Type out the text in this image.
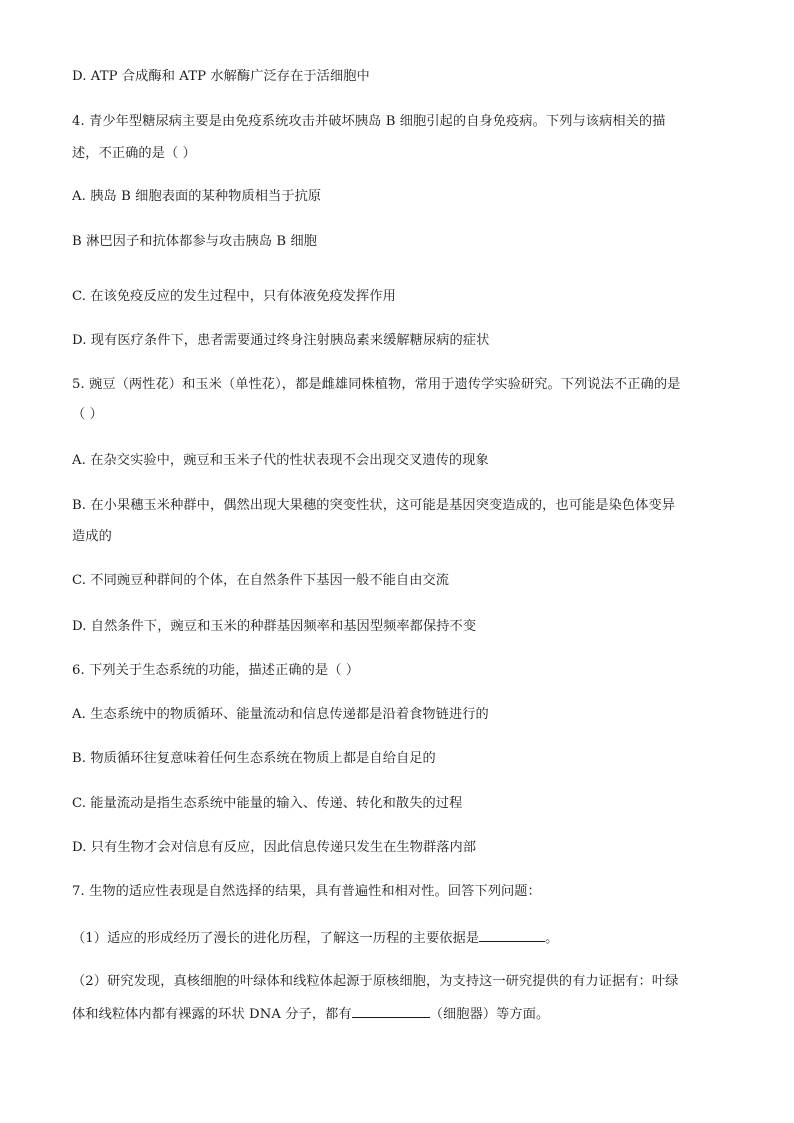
D. ATP 合成酶和 ATP 水解酶广泛存在于活细胞中
4. 青少年型糖尿病主要是由免疫系统攻击并破坏胰岛 B 细胞引起的自身免疫病。下列与该病相关的描
述，不正确的是（ ）
A. 胰岛 B 细胞表面的某种物质相当于抗原
B 淋巴因子和抗体都参与攻击胰岛 B 细胞
C. 在该免疫反应的发生过程中，只有体液免疫发挥作用
D. 现有医疗条件下，患者需要通过终身注射胰岛素来缓解糖尿病的症状
5. 豌豆（两性花）和玉米（单性花），都是雌雄同株植物，常用于遗传学实验研究。下列说法不正确的是
（ ）
A. 在杂交实验中，豌豆和玉米子代的性状表现不会出现交叉遗传的现象
B. 在小果穗玉米种群中，偶然出现大果穗的突变性状，这可能是基因突变造成的，也可能是染色体变异
造成的
C. 不同豌豆种群间的个体，在自然条件下基因一般不能自由交流
D. 自然条件下，豌豆和玉米的种群基因频率和基因型频率都保持不变
6. 下列关于生态系统的功能，描述正确的是（ ）
A. 生态系统中的物质循环、能量流动和信息传递都是沿着食物链进行的
B. 物质循环往复意味着任何生态系统在物质上都是自给自足的
C. 能量流动是指生态系统中能量的输入、传递、转化和散失的过程
D. 只有生物才会对信息有反应，因此信息传递只发生在生物群落内部
7. 生物的适应性表现是自然选择的结果，具有普遍性和相对性。回答下列问题：
（1）适应的形成经历了漫长的进化历程，了解这一历程的主要依据是	。
（2）研究发现，真核细胞的叶绿体和线粒体起源于原核细胞，为支持这一研究提供的有力证据有：叶绿
体和线粒体内都有裸露的环状 DNA 分子，都有	（细胞器）等方面。
